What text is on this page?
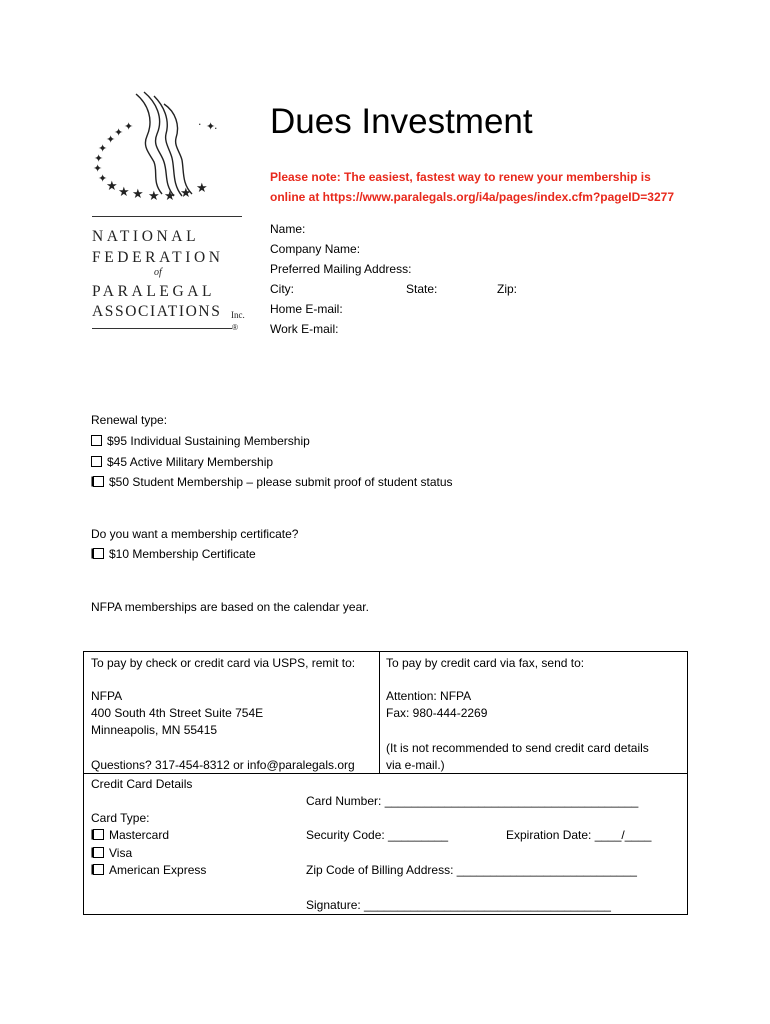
✦
✦
✦
✦
✦
✦
✦
★ ★ ★ ★ ★ ★ ★
· ✦
·
NATIONAL
FEDERATION
of
PARALEGAL
ASSOCIATIONS Inc.
®
Dues Investment
Please note: The easiest, fastest way to renew your membership is
online at https://www.paralegals.org/i4a/pages/index.cfm?pageID=3277
Name:
Company Name:
Preferred Mailing Address:
City:	State:	Zip:
Home E-mail:
Work E-mail:
Renewal type:
$95 Individual Sustaining Membership
$45 Active Military Membership
$50 Student Membership – please submit proof of student status
Do you want a membership certificate?
$10 Membership Certificate
NFPA memberships are based on the calendar year.
To pay by check or credit card via USPS, remit to:
NFPA
400 South 4th Street Suite 754E
Minneapolis, MN 55415
Questions? 317-454-8312 or info@paralegals.org
To pay by credit card via fax, send to:
Attention: NFPA
Fax: 980-444-2269
(It is not recommended to send credit card details
via e-mail.)
Credit Card Details
Card Type:
Mastercard
Visa
American Express
Card Number: ______________________________________
Security Code: _________	Expiration Date: ____/____
Zip Code of Billing Address: ___________________________
Signature: _____________________________________
